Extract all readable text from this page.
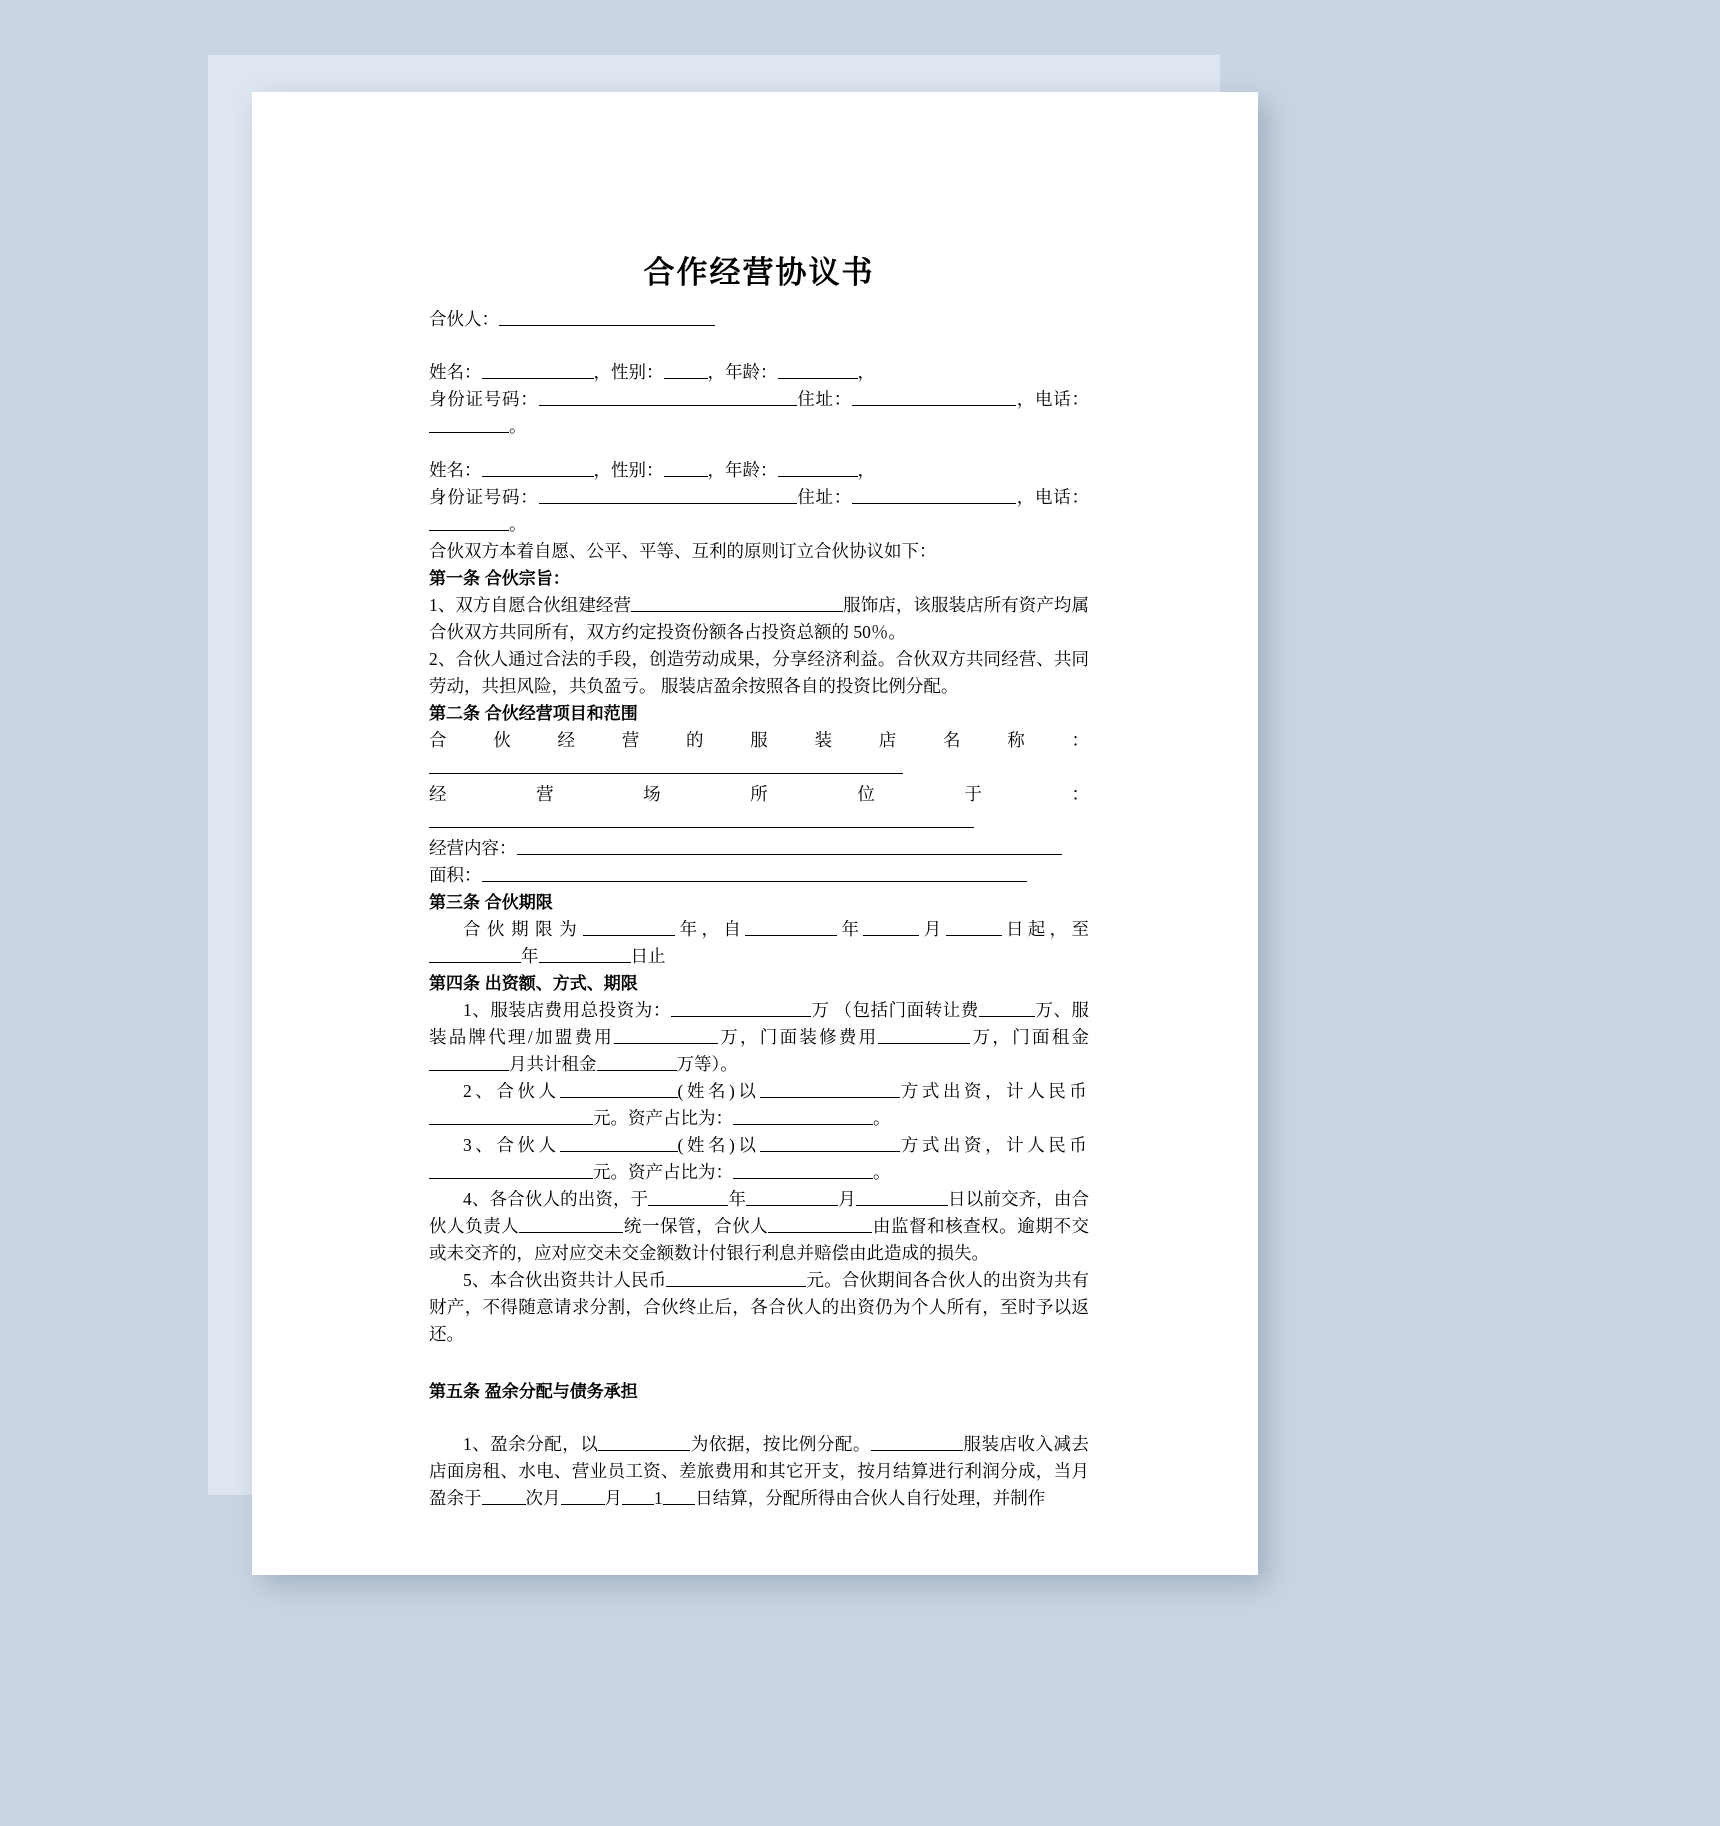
合作经营协议书

合伙人：

姓名：	，性别：	，年龄：	，

身份证号码：	住址：	，电话：。

姓名：	，性别：	，年龄：	，

身份证号码：	住址：	，电话：。

合伙双方本着自愿、公平、平等、互利的原则订立合伙协议如下：

第一条 合伙宗旨：

1、双方自愿合伙组建经营	服饰店，该服装店所有资产均属合伙双方共同所有，双方约定投资份额各占投资总额的 50％。

2、合伙人通过合法的手段，创造劳动成果，分享经济利益。合伙双方共同经营、共同劳动，共担风险，共负盈亏。 服装店盈余按照各自的投资比例分配。

第二条 合伙经营项目和范围

合伙经营的服装店名称：

经营场所位于：

经营内容：

面积：

第三条 合伙期限

合伙期限为	年，自	年	月	日起，至年	日止

第四条 出资额、方式、期限

1、服装店费用总投资为：	万 （包括门面转让费	万、服装品牌代理/加盟费用	万，门面装修费用	万，门面租金月共计租金	万等）。

2、合伙人	(姓名)以	方式出资，计人民币元。资产占比为：	。

3、合伙人	(姓名)以	方式出资，计人民币元。资产占比为：	。

4、各合伙人的出资，于	年	月	日以前交齐，由合伙人负责人	统一保管，合伙人	由监督和核查权。逾期不交或未交齐的，应对应交未交金额数计付银行利息并赔偿由此造成的损失。

5、本合伙出资共计人民币	元。合伙期间各合伙人的出资为共有财产，不得随意请求分割，合伙终止后，各合伙人的出资仍为个人所有，至时予以返还。

第五条 盈余分配与债务承担

1、盈余分配，以	为依据，按比例分配。	服装店收入减去店面房租、水电、营业员工资、差旅费用和其它开支，按月结算进行利润分成，当月盈余于	次月	月 1 日结算，分配所得由合伙人自行处理，并制作
